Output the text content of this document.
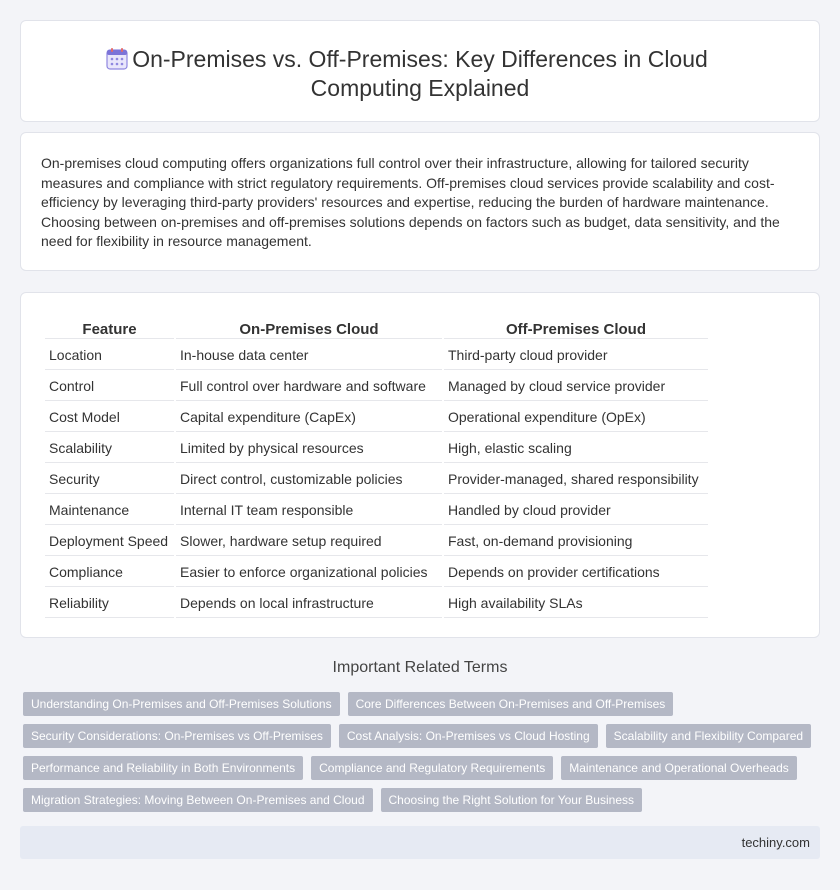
On-Premises vs. Off-Premises: Key Differences in Cloud Computing Explained

On-premises cloud computing offers organizations full control over their infrastructure, allowing for tailored security measures and compliance with strict regulatory requirements. Off-premises cloud services provide scalability and cost-efficiency by leveraging third-party providers' resources and expertise, reducing the burden of hardware maintenance. Choosing between on-premises and off-premises solutions depends on factors such as budget, data sensitivity, and the need for flexibility in resource management.

Feature	On-Premises Cloud	Off-Premises Cloud
Location	In-house data center	Third-party cloud provider
Control	Full control over hardware and software	Managed by cloud service provider
Cost Model	Capital expenditure (CapEx)	Operational expenditure (OpEx)
Scalability	Limited by physical resources	High, elastic scaling
Security	Direct control, customizable policies	Provider-managed, shared responsibility
Maintenance	Internal IT team responsible	Handled by cloud provider
Deployment Speed	Slower, hardware setup required	Fast, on-demand provisioning
Compliance	Easier to enforce organizational policies	Depends on provider certifications
Reliability	Depends on local infrastructure	High availability SLAs
Important Related Terms
Understanding On-Premises and Off-Premises Solutions	Core Differences Between On-Premises and Off-Premises
Security Considerations: On-Premises vs Off-Premises	Cost Analysis: On-Premises vs Cloud Hosting	Scalability and Flexibility Compared
Performance and Reliability in Both Environments	Compliance and Regulatory Requirements	Maintenance and Operational Overheads
Migration Strategies: Moving Between On-Premises and Cloud	Choosing the Right Solution for Your Business
techiny.com
